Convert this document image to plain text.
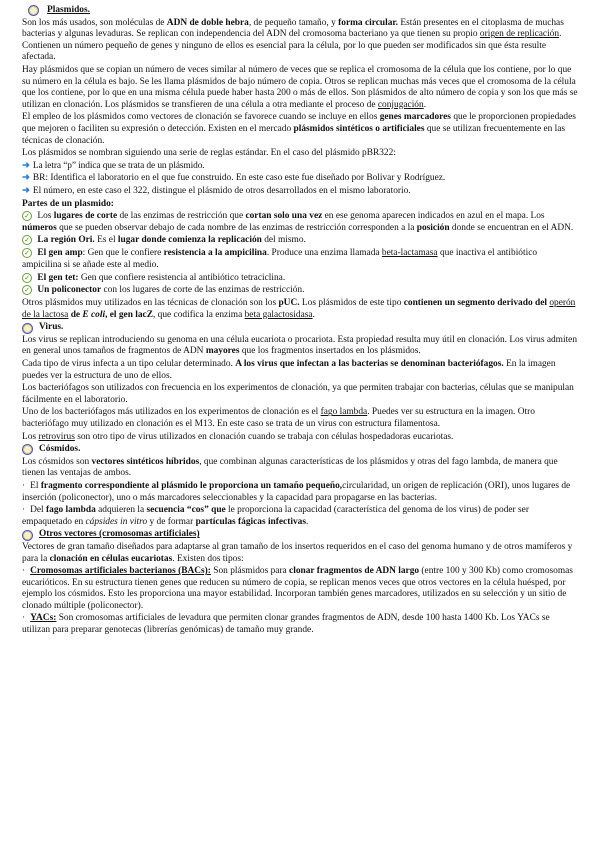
Plasmidos.

Son los más usados, son moléculas de ADN de doble hebra, de pequeño tamaño, y forma circular. Están presentes en el citoplasma de muchas bacterias y algunas levaduras. Se replican con independencia del ADN del cromosoma bacteriano ya que tienen su propio origen de replicación. Contienen un número pequeño de genes y ninguno de ellos es esencial para la célula, por lo que pueden ser modificados sin que ésta resulte afectada.

Hay plásmidos que se copian un número de veces similar al número de veces que se replica el cromosoma de la célula que los contiene, por lo que su número en la célula es bajo. Se les llama plásmidos de bajo número de copia. Otros se replican muchas más veces que el cromosoma de la célula que los contiene, por lo que en una misma célula puede haber hasta 200 o más de ellos. Son plásmidos de alto número de copia y son los que más se utilizan en clonación. Los plásmidos se transfieren de una célula a otra mediante el proceso de conjugación.

El empleo de los plásmidos como vectores de clonación se favorece cuando se incluye en ellos genes marcadores que le proporcionen propiedades que mejoren o faciliten su expresión o detección. Existen en el mercado plásmidos sintéticos o artificiales que se utilizan frecuentemente en las técnicas de clonación.

Los plásmidos se nombran siguiendo una serie de reglas estándar. En el caso del plásmido pBR322:

➜ La letra “p” indica que se trata de un plásmido.

➜ BR: Identifica el laboratorio en el que fue construido. En este caso este fue diseñado por Bolivar y Rodríguez.

➜ El número, en este caso el 322, distingue el plásmido de otros desarrollados en el mismo laboratorio.

Partes de un plasmido:

✓ Los lugares de corte de las enzimas de restricción que cortan solo una vez en ese genoma aparecen indicados en azul en el mapa. Los números que se pueden observar debajo de cada nombre de las enzimas de restricción corresponden a la posición donde se encuentran en el ADN.

✓ La región Ori. Es el lugar donde comienza la replicación del mismo.

✓ El gen amp: Gen que le confiere resistencia a la ampicilina. Produce una enzima llamada beta-lactamasa que inactiva el antibiótico ampicilina si se añade este al medio.

✓ El gen tet: Gen que confiere resistencia al antibiótico tetraciclina.

✓ Un policonector con los lugares de corte de las enzimas de restricción.

Otros plásmidos muy utilizados en las técnicas de clonación son los pUC. Los plásmidos de este tipo contienen un segmento derivado del operón de la lactosa de E coli, el gen lacZ, que codifica la enzima beta galactosidasa.

Virus.

Los virus se replican introduciendo su genoma en una célula eucariota o procariota. Esta propiedad resulta muy útil en clonación. Los virus admiten en general unos tamaños de fragmentos de ADN mayores que los fragmentos insertados en los plásmidos.

Cada tipo de virus infecta a un tipo celular determinado. A los virus que infectan a las bacterias se denominan bacteriófagos. En la imagen puedes ver la estructura de uno de ellos.

Los bacteriófagos son utilizados con frecuencia en los experimentos de clonación, ya que permiten trabajar con bacterias, células que se manipulan fácilmente en el laboratorio.

Uno de los bacteriófagos más utilizados en los experimentos de clonación es el fago lambda. Puedes ver su estructura en la imagen. Otro bacteriófago muy utilizado en clonación es el M13. En este caso se trata de un virus con estructura filamentosa.

Los retrovirus son otro tipo de virus utilizados en clonación cuando se trabaja con células hospedadoras eucariotas.

Cósmidos.

Los cósmidos son vectores sintéticos híbridos, que combinan algunas características de los plásmidos y otras del fago lambda, de manera que tienen las ventajas de ambos.

· El fragmento correspondiente al plásmido le proporciona un tamaño pequeño,circularidad, un origen de replicación (ORI), unos lugares de inserción (policonector), uno o más marcadores seleccionables y la capacidad para propagarse en las bacterias.

· Del fago lambda adquieren la secuencia “cos” que le proporciona la capacidad (característica del genoma de los virus) de poder ser empaquetado en cápsides in vitro y de formar partículas fágicas infectivas.

Otros vectores (cromosomas artificiales)

Vectores de gran tamaño diseñados para adaptarse al gran tamaño de los insertos requeridos en el caso del genoma humano y de otros mamíferos y para la clonación en células eucariotas. Existen dos tipos:

· Cromosomas artificiales bacterianos (BACs): Son plásmidos para clonar fragmentos de ADN largo (entre 100 y 300 Kb) como cromosomas eucarióticos. En su estructura tienen genes que reducen su número de copia, se replican menos veces que otros vectores en la célula huésped, por ejemplo los cósmidos. Esto les proporciona una mayor estabilidad. Incorporan también genes marcadores, utilizados en su selección y un sitio de clonado múltiple (policonector).

· YACs: Son cromosomas artificiales de levadura que permiten clonar grandes fragmentos de ADN, desde 100 hasta 1400 Kb. Los YACs se utilizan para preparar genotecas (librerías genómicas) de tamaño muy grande.
